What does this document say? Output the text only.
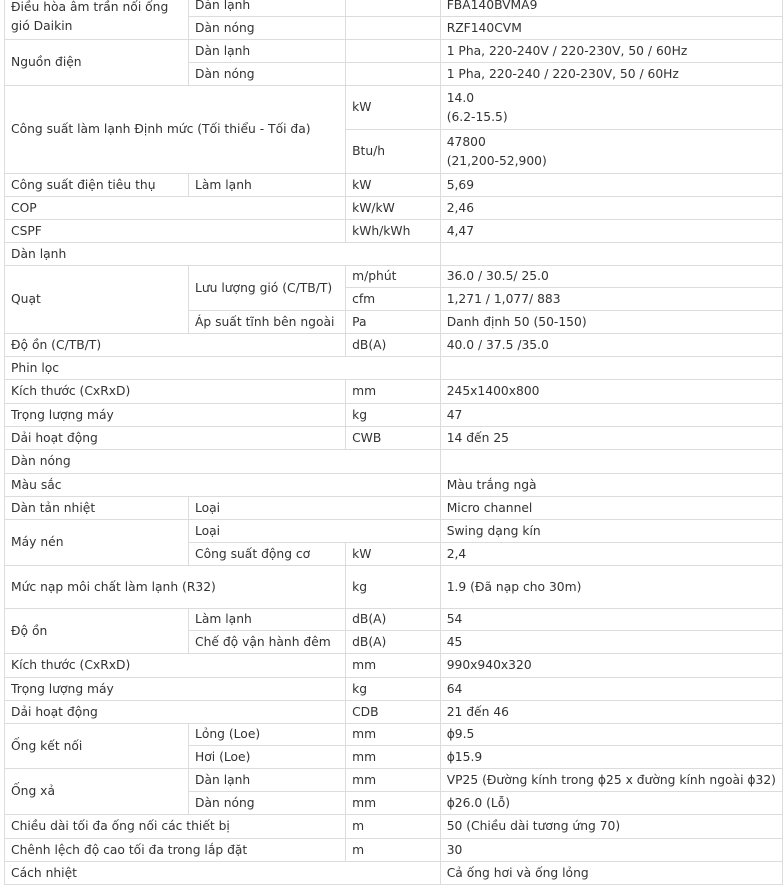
Điều hòa âm trần nối ống gió Daikin	Dàn lạnh		FBA140BVMA9
	Dàn nóng		RZF140CVM
Nguồn điện	Dàn lạnh		1 Pha, 220-240V / 220-230V, 50 / 60Hz
	Dàn nóng		1 Pha, 220-240 / 220-230V, 50 / 60Hz
Công suất làm lạnh Định mức (Tối thiểu - Tối đa)		kW	14.0
(6.2-15.5)

		Btu/h	47800
(21,200-52,900)

Công suất điện tiêu thụ	Làm lạnh	kW	5,69
COP		kW/kW	2,46
CSPF		kWh/kWh	4,47
Dàn lạnh			
Quạt	Lưu lượng gió (C/TB/T)	m/phút	36.0 / 30.5/ 25.0
		cfm	1,271 / 1,077/ 883
	Áp suất tĩnh bên ngoài	Pa	Danh định 50 (50-150)
Độ ồn (C/TB/T)		dB(A)	40.0 / 37.5 /35.0
Phin lọc			
Kích thước (CxRxD)		mm	245x1400x800
Trọng lượng máy		kg	47
Dải hoạt động		CWB	14 đến 25
Dàn nóng			
Màu sắc			Màu trắng ngà
Dàn tản nhiệt	Loại		Micro channel
Máy nén	Loại		Swing dạng kín
	Công suất động cơ	kW	2,4
Mức nạp môi chất làm lạnh (R32)		kg	1.9 (Đã nạp cho 30m)
Độ ồn	Làm lạnh	dB(A)	54
	Chế độ vận hành đêm	dB(A)	45
Kích thước (CxRxD)		mm	990x940x320
Trọng lượng máy		kg	64
Dải hoạt động		CDB	21 đến 46
Ống kết nối	Lỏng (Loe)	mm	ϕ9.5
	Hơi (Loe)	mm	ϕ15.9
Ống xả	Dàn lạnh	mm	VP25 (Đường kính trong ϕ25 x đường kính ngoài ϕ32)
	Dàn nóng	mm	ϕ26.0 (Lỗ)
Chiều dài tối đa ống nối các thiết bị		m	50 (Chiều dài tương ứng 70)
Chênh lệch độ cao tối đa trong lắp đặt		m	30
Cách nhiệt			Cả ống hơi và ống lỏng
